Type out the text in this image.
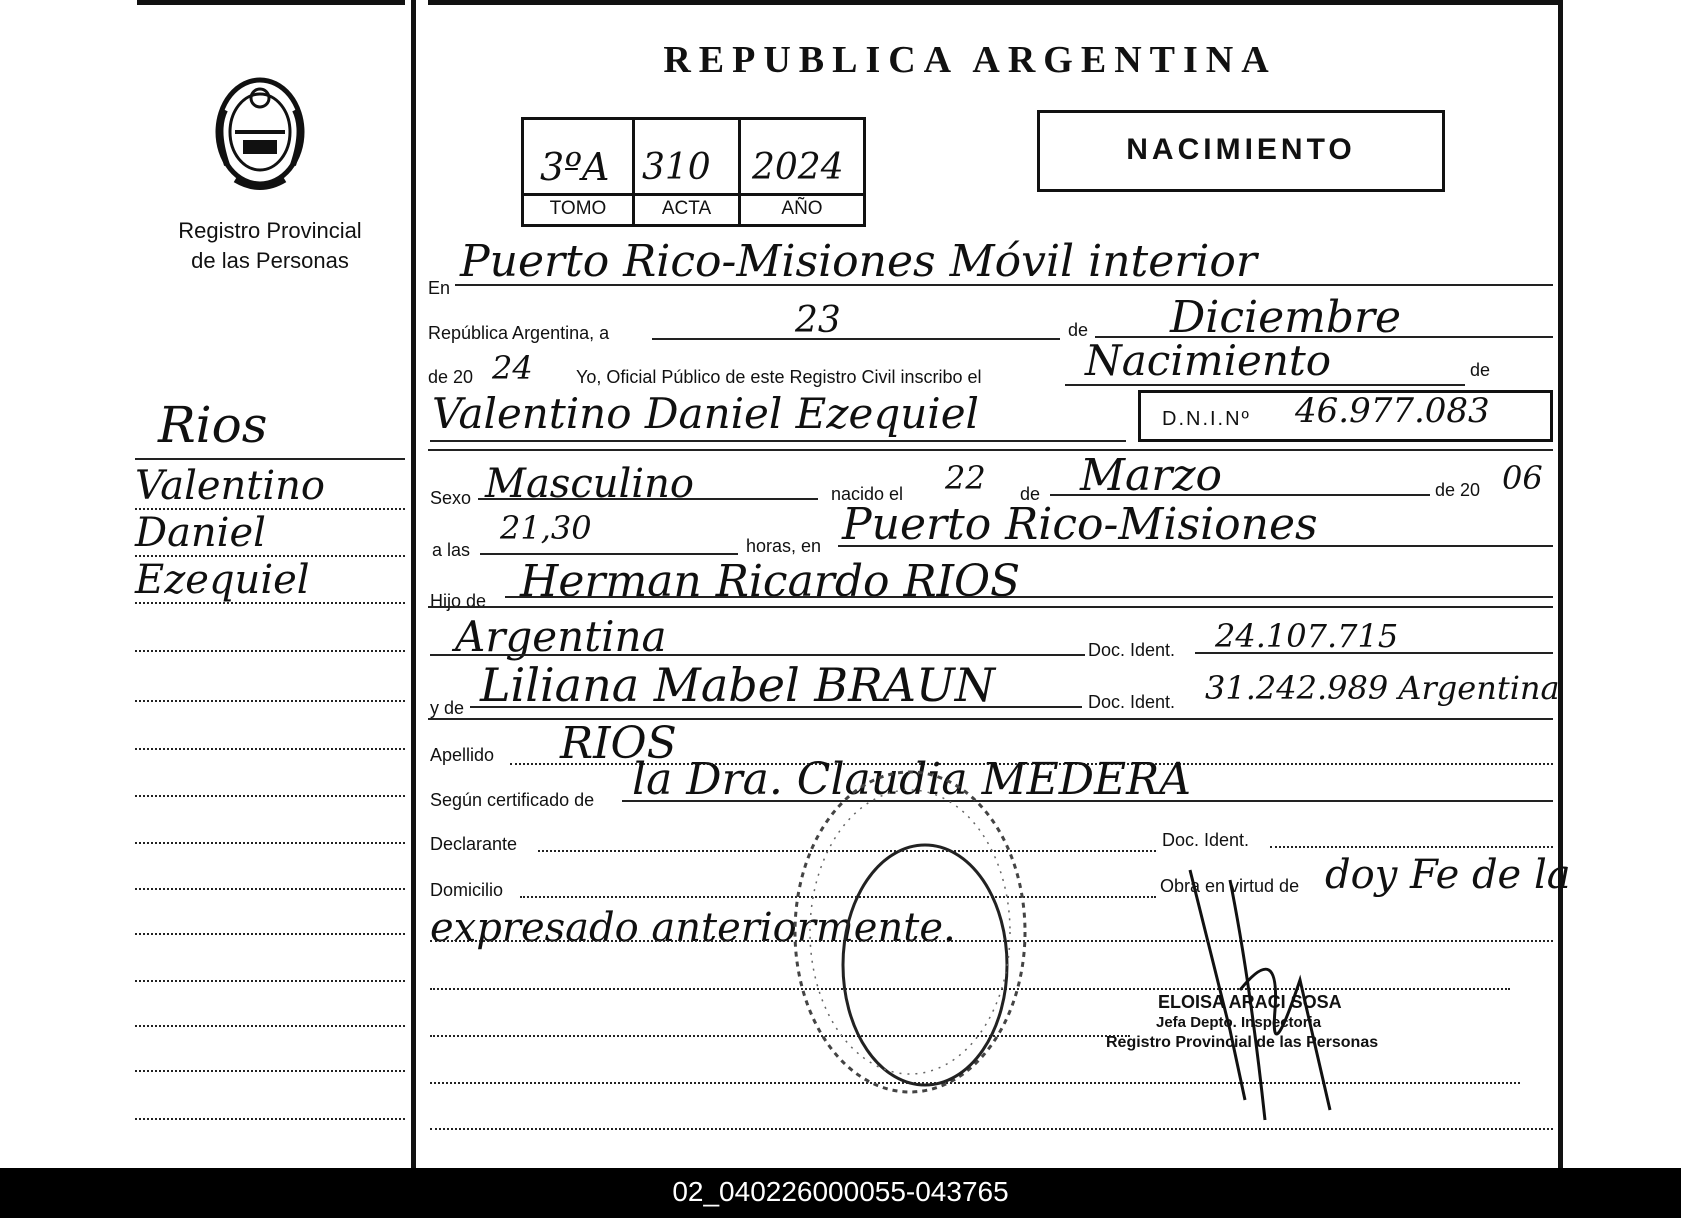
Registro Provincial
de las Personas
Rios
Valentino
Daniel
Ezequiel
REPUBLICA ARGENTINA
3ºA 310 2024
TOMO	ACTA	AÑO
NACIMIENTO
En
Puerto Rico-Misiones Móvil interior
República Argentina, a	23	de Diciembre
de 20 24 Yo, Oficial Público de este Registro Civil inscribo el Nacimiento	de
Valentino Daniel Ezequiel	D.N.I.Nº 46.977.083
Sexo Masculino	nacido el 22 de Marzo	de 20 06
a las
21,30	horas, en Puerto Rico-Misiones
Hijo de Herman Ricardo RIOS
Argentina	Doc. Ident. 24.107.715
y de Liliana Mabel BRAUN	Doc. Ident. 31.242.989 Argentina
Apellido RIOS
Según certificado de la Dra. Claudia MEDERA
Declarante	Doc. Ident.
Domicilio	Obra en virtud de doy Fe de la
expresado anteriormente.
ELOISA ARACI SOSA
Jefa Depto. Inspectoria
Registro Provincial de las Personas
02_040226000055-043765
